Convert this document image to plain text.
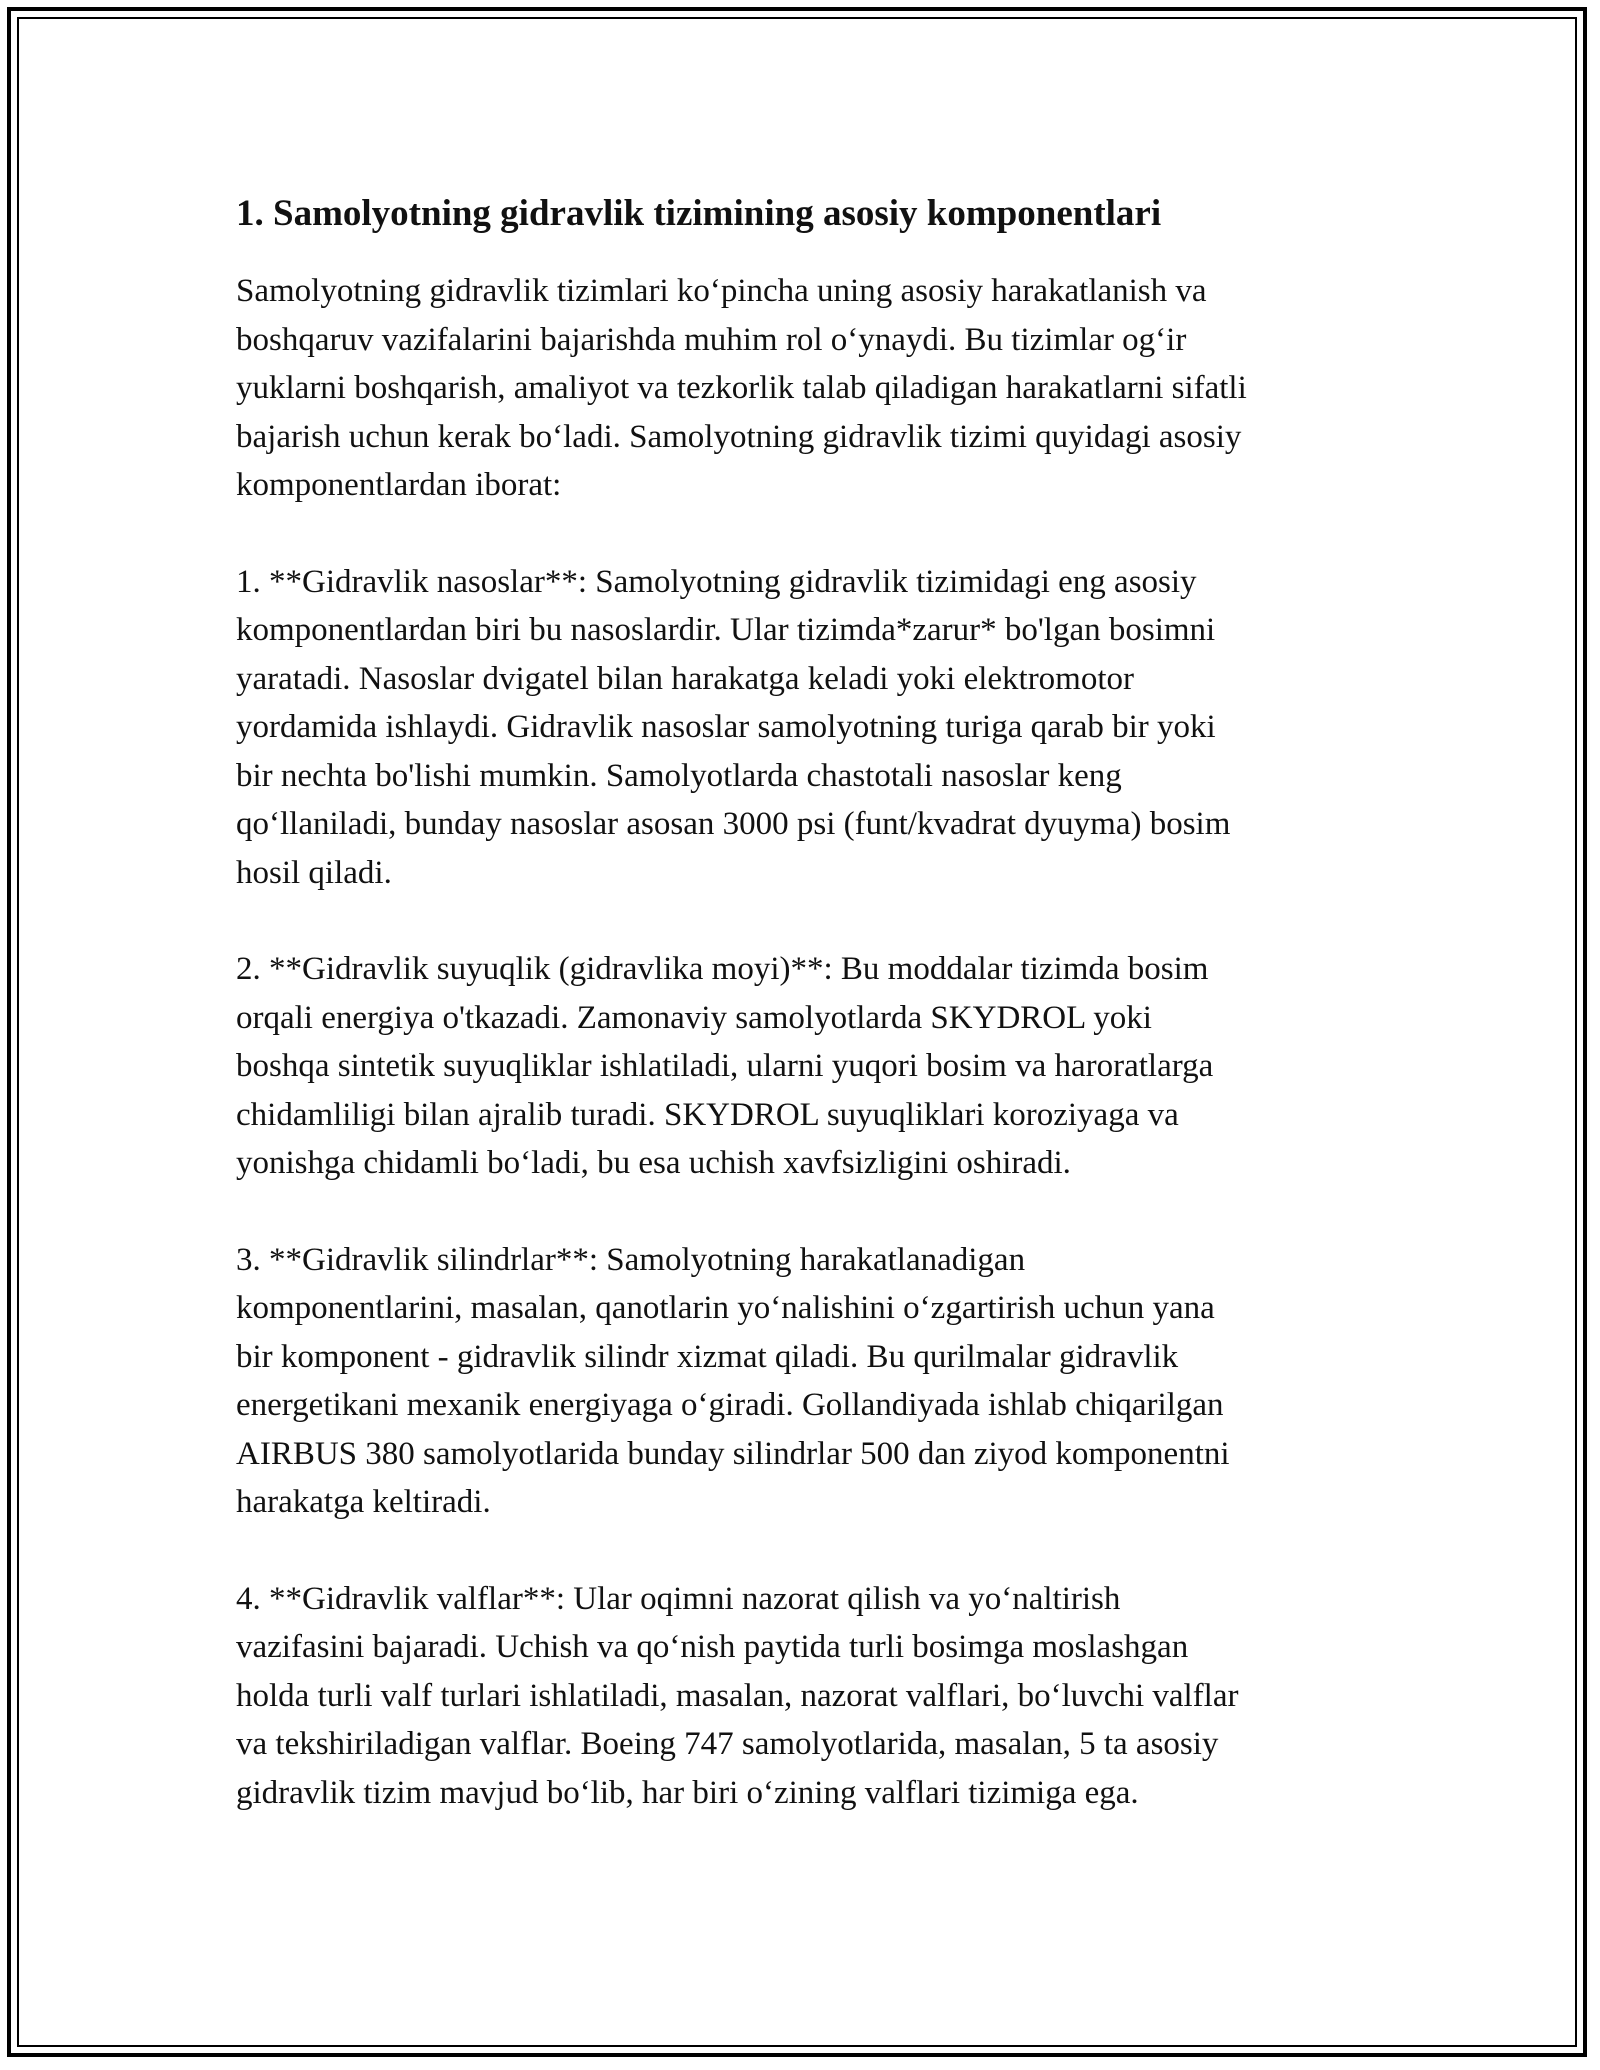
1. Samolyotning gidravlik tizimining asosiy komponentlari

Samolyotning gidravlik tizimlari ko‘pincha uning asosiy harakatlanish va
boshqaruv vazifalarini bajarishda muhim rol o‘ynaydi. Bu tizimlar og‘ir
yuklarni boshqarish, amaliyot va tezkorlik talab qiladigan harakatlarni sifatli
bajarish uchun kerak bo‘ladi. Samolyotning gidravlik tizimi quyidagi asosiy
komponentlardan iborat:

1. **Gidravlik nasoslar**: Samolyotning gidravlik tizimidagi eng asosiy
komponentlardan biri bu nasoslardir. Ular tizimda*zarur* bo'lgan bosimni
yaratadi. Nasoslar dvigatel bilan harakatga keladi yoki elektromotor
yordamida ishlaydi. Gidravlik nasoslar samolyotning turiga qarab bir yoki
bir nechta bo'lishi mumkin. Samolyotlarda chastotali nasoslar keng
qo‘llaniladi, bunday nasoslar asosan 3000 psi (funt/kvadrat dyuyma) bosim
hosil qiladi.

2. **Gidravlik suyuqlik (gidravlika moyi)**: Bu moddalar tizimda bosim
orqali energiya o'tkazadi. Zamonaviy samolyotlarda SKYDROL yoki
boshqa sintetik suyuqliklar ishlatiladi, ularni yuqori bosim va haroratlarga
chidamliligi bilan ajralib turadi. SKYDROL suyuqliklari koroziyaga va
yonishga chidamli bo‘ladi, bu esa uchish xavfsizligini oshiradi.

3. **Gidravlik silindrlar**: Samolyotning harakatlanadigan
komponentlarini, masalan, qanotlarin yo‘nalishini o‘zgartirish uchun yana
bir komponent - gidravlik silindr xizmat qiladi. Bu qurilmalar gidravlik
energetikani mexanik energiyaga o‘giradi. Gollandiyada ishlab chiqarilgan
AIRBUS 380 samolyotlarida bunday silindrlar 500 dan ziyod komponentni
harakatga keltiradi.

4. **Gidravlik valflar**: Ular oqimni nazorat qilish va yo‘naltirish
vazifasini bajaradi. Uchish va qo‘nish paytida turli bosimga moslashgan
holda turli valf turlari ishlatiladi, masalan, nazorat valflari, bo‘luvchi valflar
va tekshiriladigan valflar. Boeing 747 samolyotlarida, masalan, 5 ta asosiy
gidravlik tizim mavjud bo‘lib, har biri o‘zining valflari tizimiga ega.
